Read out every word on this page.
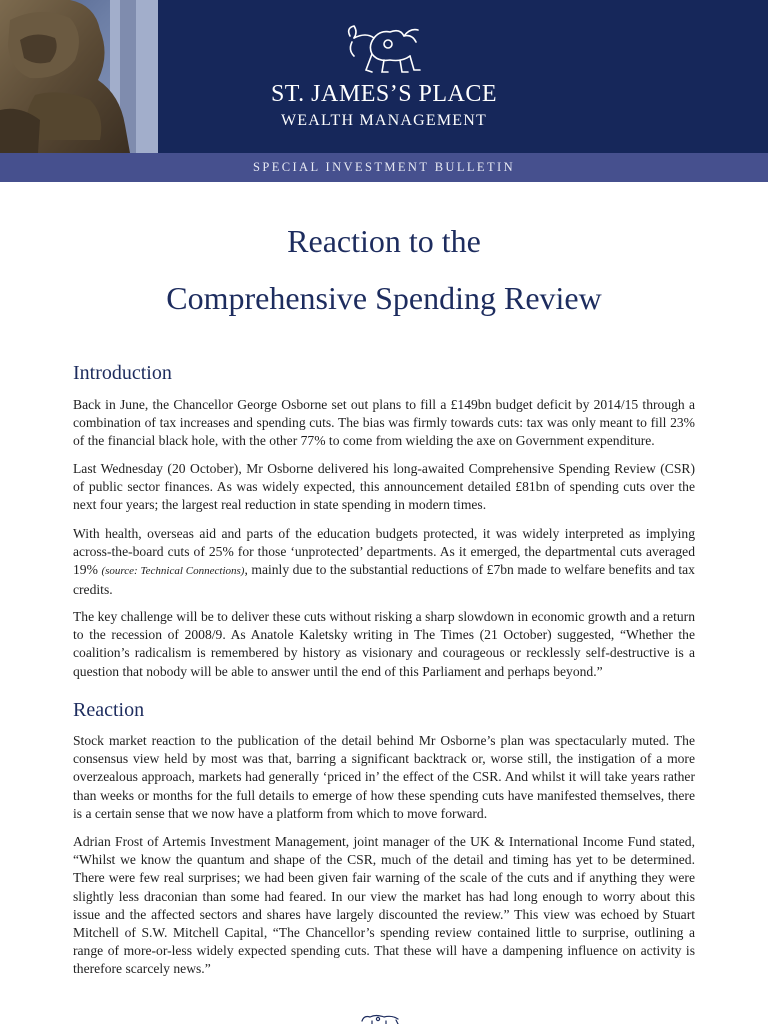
ST. JAMES’S PLACE
WEALTH MANAGEMENT
SPECIAL INVESTMENT BULLETIN
Reaction to the
Comprehensive Spending Review
Introduction
Back in June, the Chancellor George Osborne set out plans to fill a £149bn budget deficit by 2014/15 through a combination of tax increases and spending cuts. The bias was firmly towards cuts: tax was only meant to fill 23% of the financial black hole, with the other 77% to come from wielding the axe on Government expenditure.
Last Wednesday (20 October), Mr Osborne delivered his long-awaited Comprehensive Spending Review (CSR) of public sector finances. As was widely expected, this announcement detailed £81bn of spending cuts over the next four years; the largest real reduction in state spending in modern times.
With health, overseas aid and parts of the education budgets protected, it was widely interpreted as implying across-the-board cuts of 25% for those ‘unprotected’ departments. As it emerged, the departmental cuts averaged 19% (source: Technical Connections), mainly due to the substantial reductions of £7bn made to welfare benefits and tax credits.
The key challenge will be to deliver these cuts without risking a sharp slowdown in economic growth and a return to the recession of 2008/9. As Anatole Kaletsky writing in The Times (21 October) suggested, “Whether the coalition’s radicalism is remembered by history as visionary and courageous or recklessly self-destructive is a question that nobody will be able to answer until the end of this Parliament and perhaps beyond.”
Reaction
Stock market reaction to the publication of the detail behind Mr Osborne’s plan was spectacularly muted. The consensus view held by most was that, barring a significant backtrack or, worse still, the instigation of a more overzealous approach, markets had generally ‘priced in’ the effect of the CSR. And whilst it will take years rather than weeks or months for the full details to emerge of how these spending cuts have manifested themselves, there is a certain sense that we now have a platform from which to move forward.
Adrian Frost of Artemis Investment Management, joint manager of the UK & International Income Fund stated, “Whilst we know the quantum and shape of the CSR, much of the detail and timing has yet to be determined. There were few real surprises; we had been given fair warning of the scale of the cuts and if anything they were slightly less draconian than some had feared. In our view the market has had long enough to worry about this issue and the affected sectors and shares have largely discounted the review.” This view was echoed by Stuart Mitchell of S.W. Mitchell Capital, “The Chancellor’s spending review contained little to surprise, outlining a range of more-or-less widely expected spending cuts. That these will have a dampening influence on activity is therefore scarcely news.”
